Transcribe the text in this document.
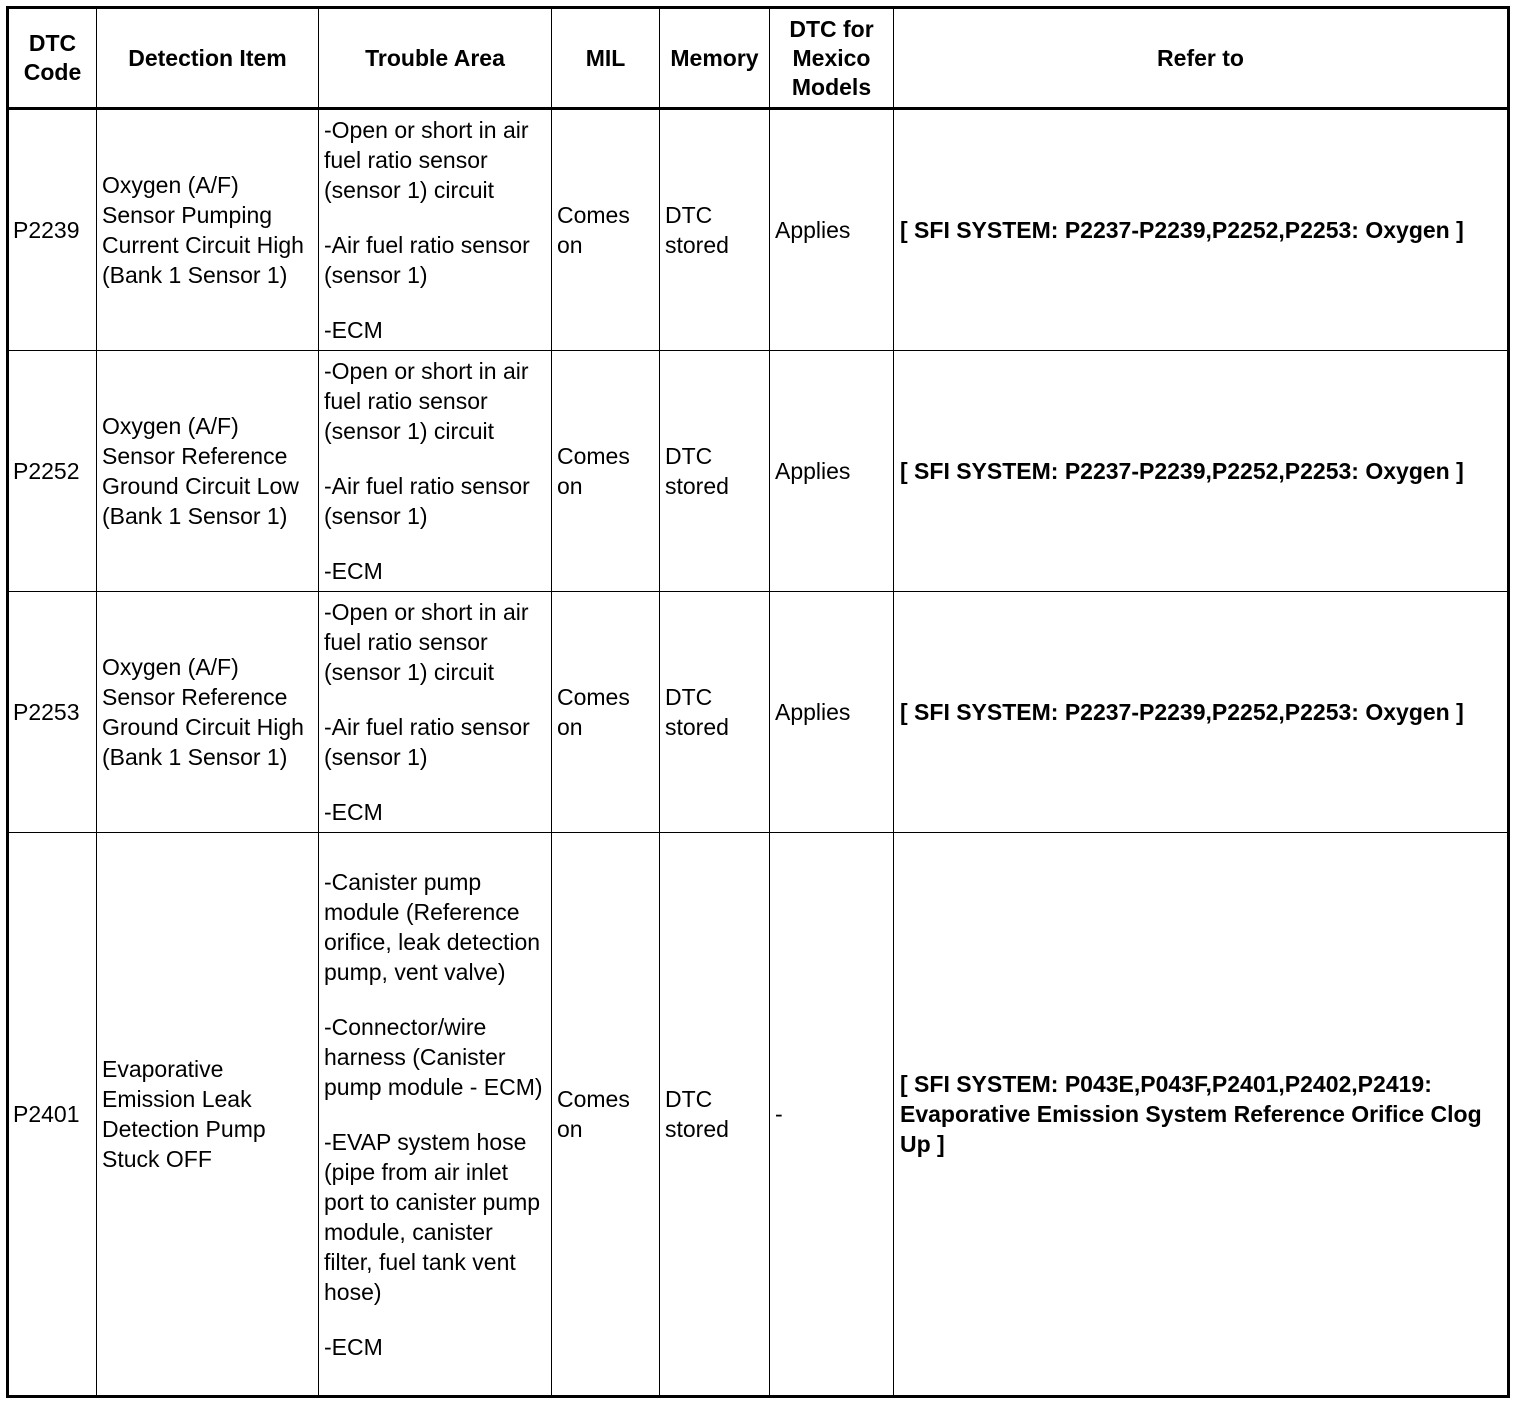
DTC Code	Detection Item	Trouble Area	MIL	Memory	DTC for Mexico Models	Refer to
P2239	Oxygen (A/F) Sensor Pumping Current Circuit High (Bank 1 Sensor 1)	-Open or short in air fuel ratio sensor (sensor 1) circuit

-Air fuel ratio sensor (sensor 1)

-ECM	Comes on	DTC stored	Applies	[ SFI SYSTEM: P2237-P2239,P2252,P2253: Oxygen ]
P2252	Oxygen (A/F) Sensor Reference Ground Circuit Low (Bank 1 Sensor 1)	-Open or short in air fuel ratio sensor (sensor 1) circuit

-Air fuel ratio sensor (sensor 1)

-ECM	Comes on	DTC stored	Applies	[ SFI SYSTEM: P2237-P2239,P2252,P2253: Oxygen ]
P2253	Oxygen (A/F) Sensor Reference Ground Circuit High (Bank 1 Sensor 1)	-Open or short in air fuel ratio sensor (sensor 1) circuit

-Air fuel ratio sensor (sensor 1)

-ECM	Comes on	DTC stored	Applies	[ SFI SYSTEM: P2237-P2239,P2252,P2253: Oxygen ]
P2401	Evaporative Emission Leak Detection Pump Stuck OFF	-Canister pump module (Reference orifice, leak detection pump, vent valve)

-Connector/wire harness (Canister pump module - ECM)

-EVAP system hose (pipe from air inlet port to canister pump module, canister filter, fuel tank vent hose)

-ECM	Comes on	DTC stored	-	[ SFI SYSTEM: P043E,P043F,P2401,P2402,P2419: Evaporative Emission System Reference Orifice Clog Up ]
